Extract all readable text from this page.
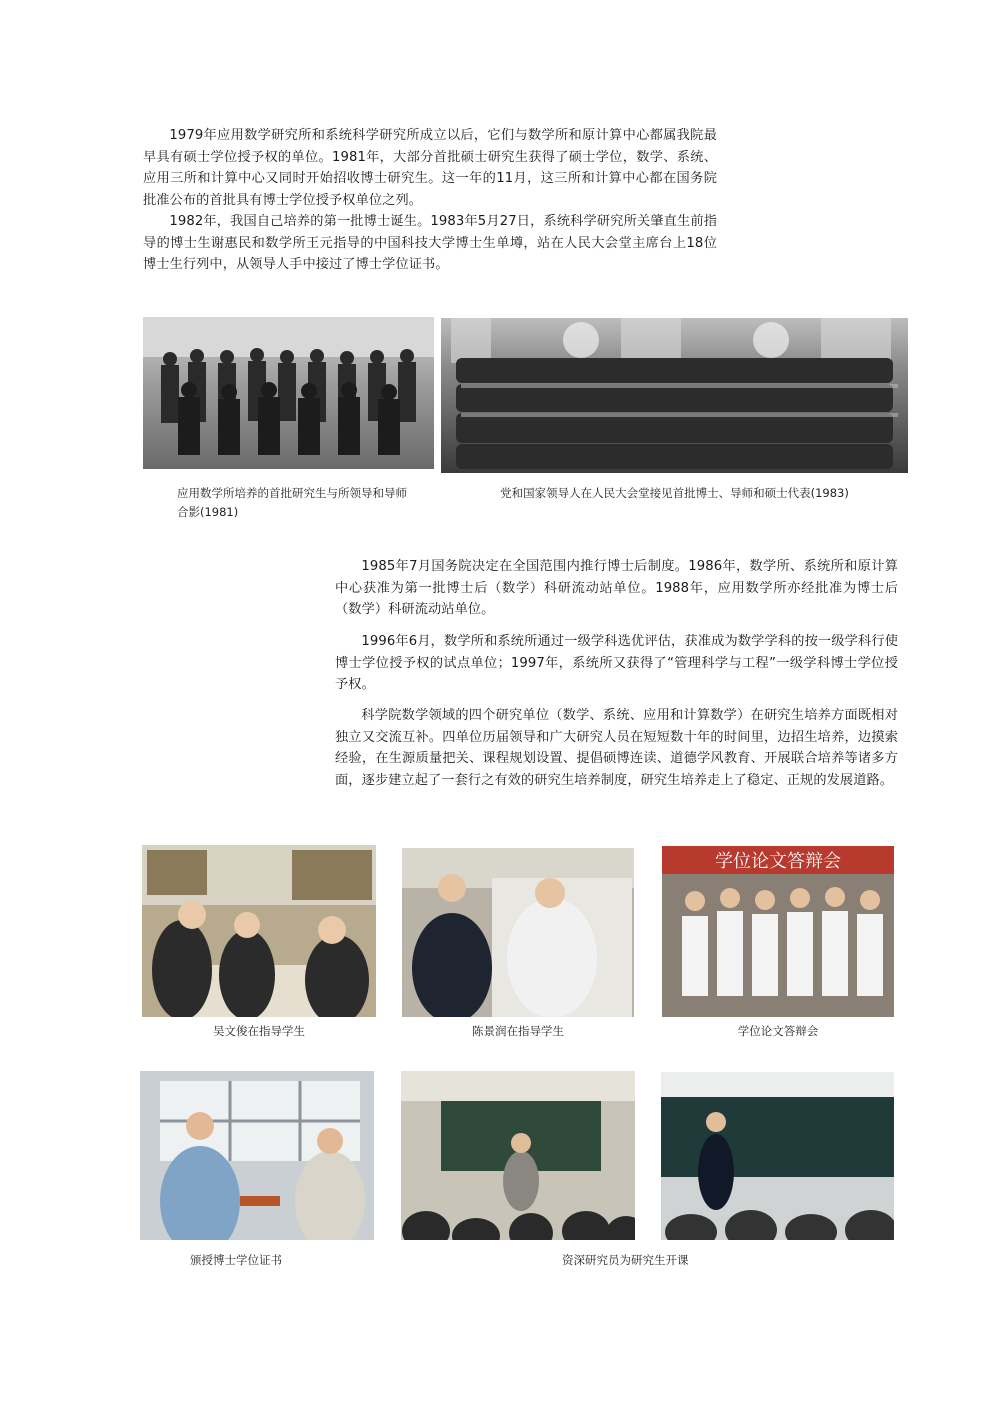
1979年应用数学研究所和系统科学研究所成立以后，它们与数学所和原计算中心都属我院最早具有硕士学位授予权的单位。1981年，大部分首批硕士研究生获得了硕士学位，数学、系统、应用三所和计算中心又同时开始招收博士研究生。这一年的11月，这三所和计算中心都在国务院批准公布的首批具有博士学位授予权单位之列。

1982年，我国自己培养的第一批博士诞生。1983年5月27日，系统科学研究所关肇直生前指导的博士生谢惠民和数学所王元指导的中国科技大学博士生单墫，站在人民大会堂主席台上18位博士生行列中，从领导人手中接过了博士学位证书。

应用数学所培养的首批研究生与所领导和导师合影(1981)

党和国家领导人在人民大会堂接见首批博士、导师和硕士代表(1983)

1985年7月国务院决定在全国范围内推行博士后制度。1986年，数学所、系统所和原计算中心获准为第一批博士后（数学）科研流动站单位。1988年，应用数学所亦经批准为博士后（数学）科研流动站单位。

1996年6月，数学所和系统所通过一级学科选优评估，获准成为数学学科的按一级学科行使博士学位授予权的试点单位；1997年，系统所又获得了“管理科学与工程”一级学科博士学位授予权。

科学院数学领域的四个研究单位（数学、系统、应用和计算数学）在研究生培养方面既相对独立又交流互补。四单位历届领导和广大研究人员在短短数十年的时间里，边招生培养，边摸索经验，在生源质量把关、课程规划设置、提倡硕博连读、道德学风教育、开展联合培养等诸多方面，逐步建立起了一套行之有效的研究生培养制度，研究生培养走上了稳定、正规的发展道路。

学位论文答辩会

吴文俊在指导学生	陈景润在指导学生	学位论文答辩会

颁授博士学位证书	资深研究员为研究生开课
